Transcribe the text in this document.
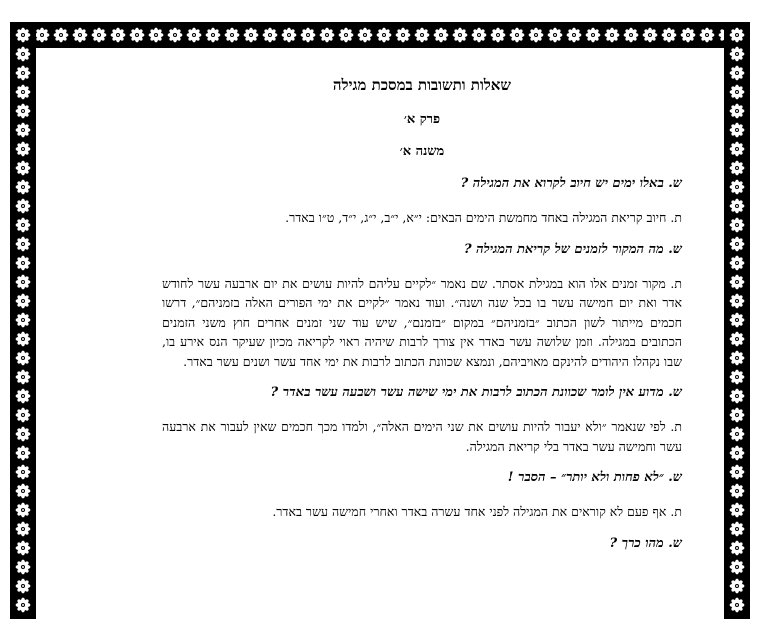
שאלות ותשובות במסכת מגילה
פרק א׳
משנה א׳
ש. באלו ימים יש חיוב לקרוא את המגילה ?
ת. חיוב קריאת המגילה באחד מחמשת הימים הבאים: י״א, י״ב, י״ג, י״ד, ט״ו באדר.
ש. מה המקור לזמנים של קריאת המגילה ?
ת. מקור זמנים אלו הוא במגילת אסתר. שם נאמר ״לקיים עליהם להיות עושים את יום ארבעה עשר לחודש אדר ואת יום חמישה עשר בו בכל שנה ושנה״. ועוד נאמר ״לקיים את ימי הפורים האלה בזמניהם״, דרשו חכמים מייתור לשון הכתוב ״בזמניהם״ במקום ״בזמנם״, שיש עוד שני זמנים אחרים חוץ משני הזמנים הכתובים במגילה. וזמן שלושה עשר באדר אין צורך לרבות שיהיה ראוי לקריאה מכיון שעיקר הנס אירע בו, שבו נקהלו היהודים להינקם מאויביהם, ונמצא שכוונת הכתוב לרבות את ימי אחד עשר ושנים עשר באדר.
ש. מדוע אין לומר שכוונת הכתוב לרבות את ימי שישה עשר ושבעה עשר באדר ?
ת. לפי שנאמר ״ולא יעבור להיות עושים את שני הימים האלה״, ולמדו מכך חכמים שאין לעבור את ארבעה עשר וחמישה עשר באדר בלי קריאת המגילה.
ש. ״לא פחות ולא יותר״ – הסבר !
ת. אף פעם לא קוראים את המגילה לפני אחד עשרה באדר ואחרי חמישה עשר באדר.
ש. מהו כרך ?
